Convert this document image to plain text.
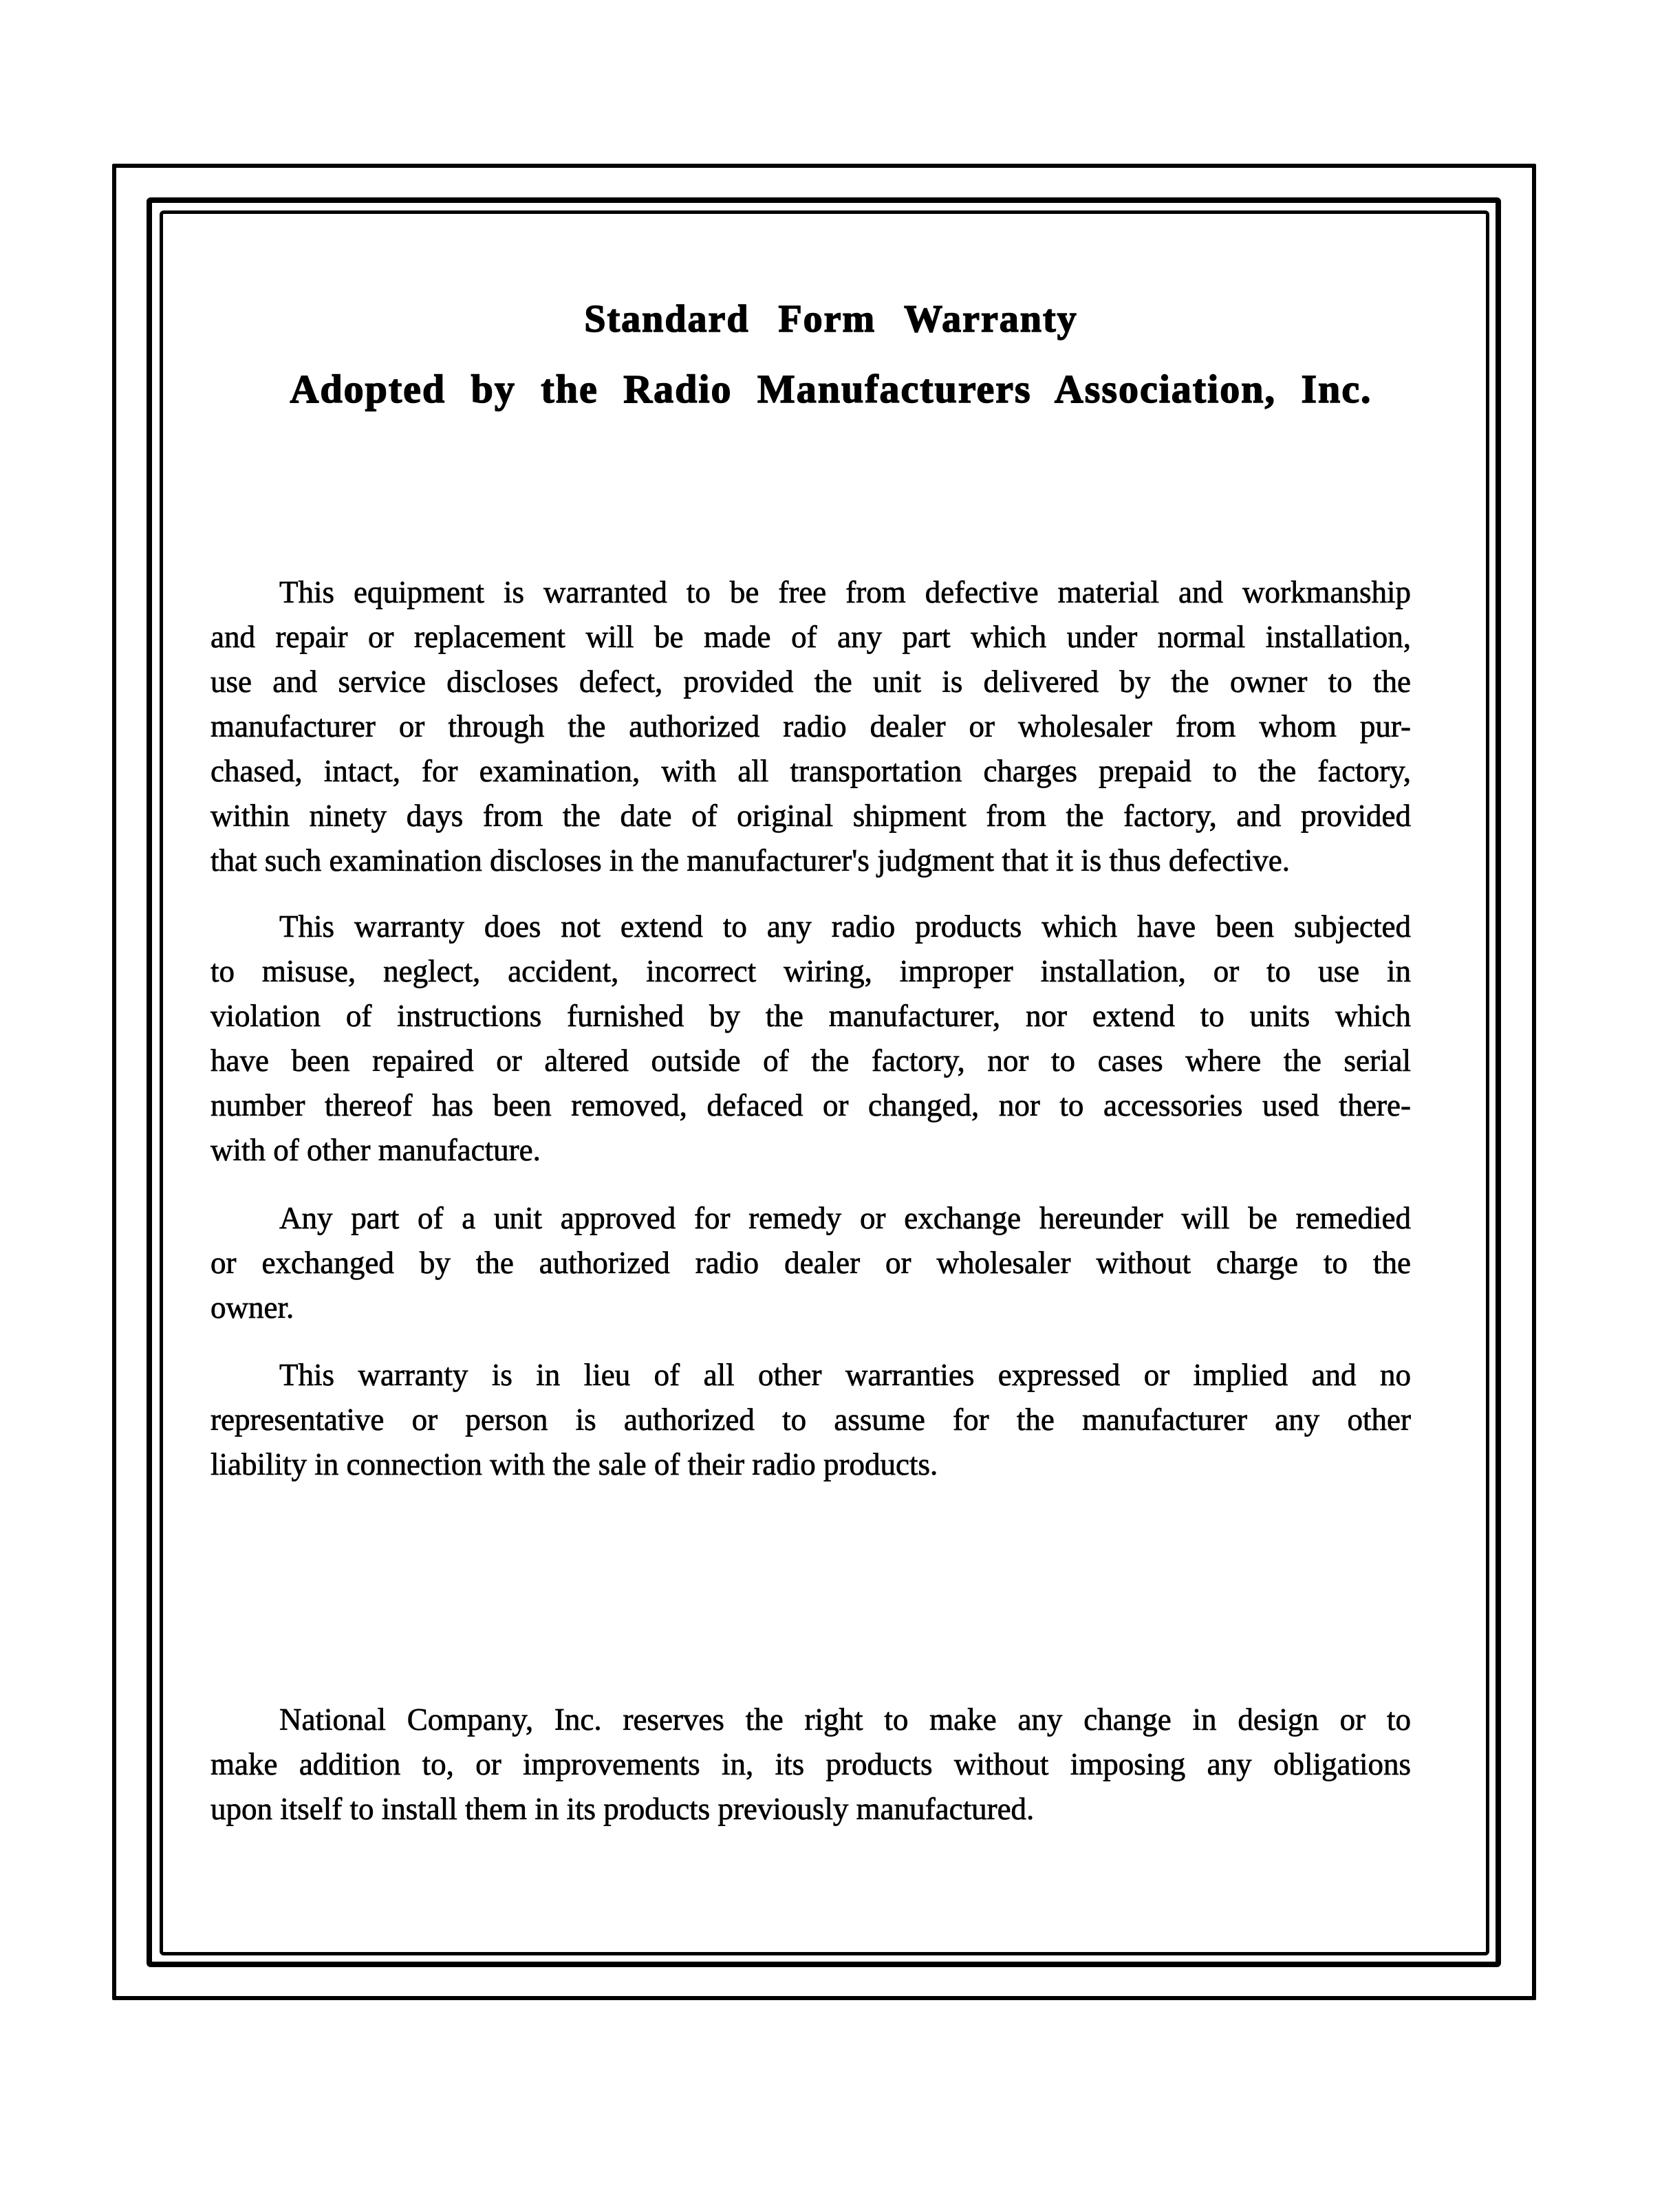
Standard Form Warranty
Adopted by the Radio Manufacturers Association, Inc.
This equipment is warranted to be free from defective material and workmanship
and repair or replacement will be made of any part which under normal installation,
use and service discloses defect, provided the unit is delivered by the owner to the
manufacturer or through the authorized radio dealer or wholesaler from whom pur-
chased, intact, for examination, with all transportation charges prepaid to the factory,
within ninety days from the date of original shipment from the factory, and provided
that such examination discloses in the manufacturer's judgment that it is thus defective.
This warranty does not extend to any radio products which have been subjected
to misuse, neglect, accident, incorrect wiring, improper installation, or to use in
violation of instructions furnished by the manufacturer, nor extend to units which
have been repaired or altered outside of the factory, nor to cases where the serial
number thereof has been removed, defaced or changed, nor to accessories used there-
with of other manufacture.
Any part of a unit approved for remedy or exchange hereunder will be remedied
or exchanged by the authorized radio dealer or wholesaler without charge to the
owner.
This warranty is in lieu of all other warranties expressed or implied and no
representative or person is authorized to assume for the manufacturer any other
liability in connection with the sale of their radio products.
National Company, Inc. reserves the right to make any change in design or to
make addition to, or improvements in, its products without imposing any obligations
upon itself to install them in its products previously manufactured.
